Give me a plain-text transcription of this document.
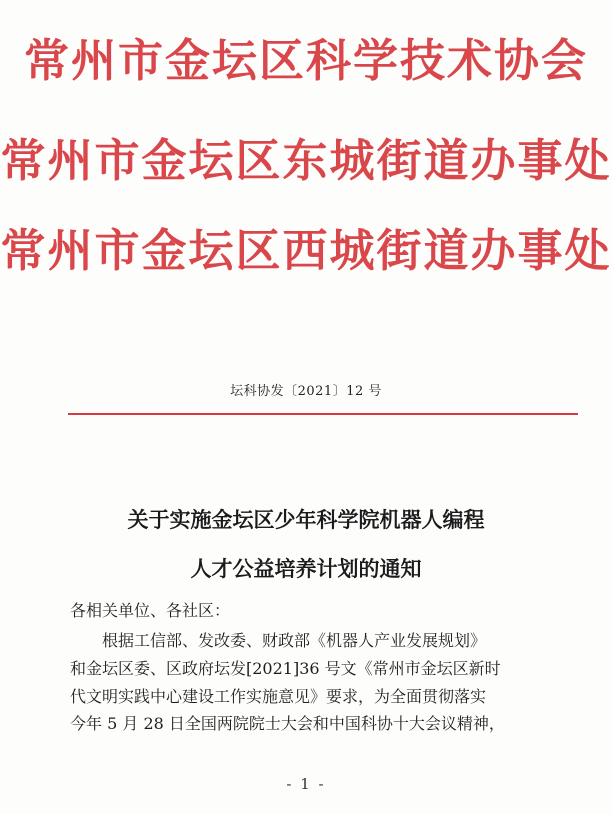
常州市金坛区科学技术协会
常州市金坛区东城街道办事处
常州市金坛区西城街道办事处
坛科协发〔2021〕12 号
关于实施金坛区少年科学院机器人编程
人才公益培养计划的通知
各相关单位、各社区：
根据工信部、发改委、财政部《机器人产业发展规划》
和金坛区委、区政府坛发[2021]36 号文《常州市金坛区新时
代文明实践中心建设工作实施意见》要求，为全面贯彻落实
今年 5 月 28 日全国两院院士大会和中国科协十大会议精神，
- 1 -
